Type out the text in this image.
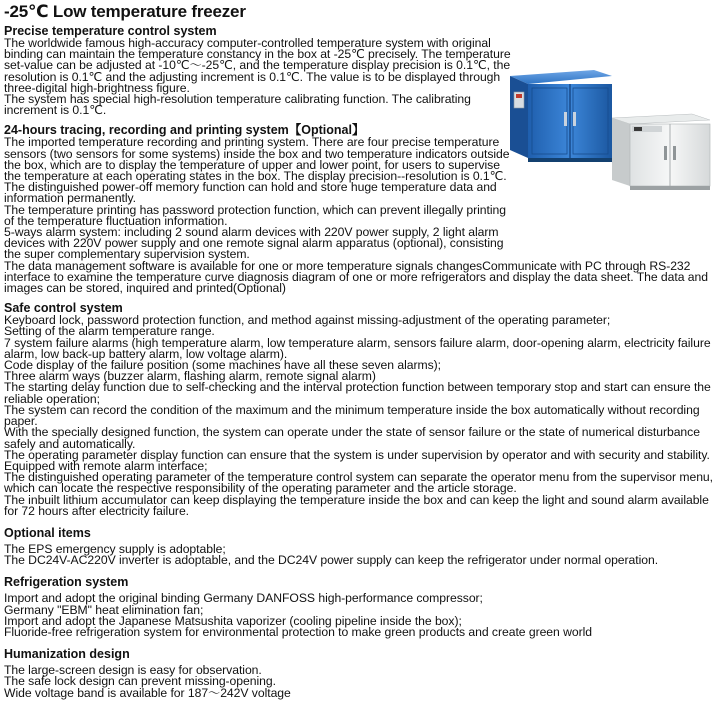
-25℃ Low temperature freezer
Precise temperature control system
The worldwide famous high-accuracy computer-controlled temperature system with original
binding can maintain the temperature constancy in the box at -25℃ precisely. The temperature
set-value can be adjusted at -10℃～-25℃, and the temperature display precision is 0.1℃, the
resolution is 0.1℃ and the adjusting increment is 0.1℃. The value is to be displayed through
three-digital high-brightness figure.
The system has special high-resolution temperature calibrating function. The calibrating
increment is 0.1℃.
24-hours tracing, recording and printing system【Optional】
The imported temperature recording and printing system. There are four precise temperature
sensors (two sensors for some systems) inside the box and two temperature indicators outside
the box, which are to display the temperature of upper and lower point, for users to supervise
the temperature at each operating states in the box. The display precision--resolution is 0.1℃.
The distinguished power-off memory function can hold and store huge temperature data and
information permanently.
The temperature printing has password protection function, which can prevent illegally printing
of the temperature fluctuation information.
5-ways alarm system: including 2 sound alarm devices with 220V power supply, 2 light alarm
devices with 220V power supply and one remote signal alarm apparatus (optional), consisting
the super complementary supervision system.
The data management software is available for one or more temperature signals changesCommunicate with PC through RS-232
interface to examine the temperature curve diagnosis diagram of one or more refrigerators and display the data sheet. The data and
images can be stored, inquired and printed(Optional)
Safe control system
Keyboard lock, password protection function, and method against missing-adjustment of the operating parameter;
Setting of the alarm temperature range.
7 system failure alarms (high temperature alarm, low temperature alarm, sensors failure alarm, door-opening alarm, electricity failure
alarm, low back-up battery alarm, low voltage alarm).
Code display of the failure position (some machines have all these seven alarms);
Three alarm ways (buzzer alarm, flashing alarm, remote signal alarm)
The starting delay function due to self-checking and the interval protection function between temporary stop and start can ensure the
reliable operation;
The system can record the condition of the maximum and the minimum temperature inside the box automatically without recording
paper.
With the specially designed function, the system can operate under the state of sensor failure or the state of numerical disturbance
safely and automatically.
The operating parameter display function can ensure that the system is under supervision by operator and with security and stability.
Equipped with remote alarm interface;
The distinguished operating parameter of the temperature control system can separate the operator menu from the supervisor menu,
which can locate the respective responsibility of the operating parameter and the article storage.
The inbuilt lithium accumulator can keep displaying the temperature inside the box and can keep the light and sound alarm available
for 72 hours after electricity failure.
Optional items
The EPS emergency supply is adoptable;
The DC24V-AC220V inverter is adoptable, and the DC24V power supply can keep the refrigerator under normal operation.
Refrigeration system
Import and adopt the original binding Germany DANFOSS high-performance compressor;
Germany "EBM" heat elimination fan;
Import and adopt the Japanese Matsushita vaporizer (cooling pipeline inside the box);
Fluoride-free refrigeration system for environmental protection to make green products and create green world
Humanization design
The large-screen design is easy for observation.
The safe lock design can prevent missing-opening.
Wide voltage band is available for 187～242V voltage
